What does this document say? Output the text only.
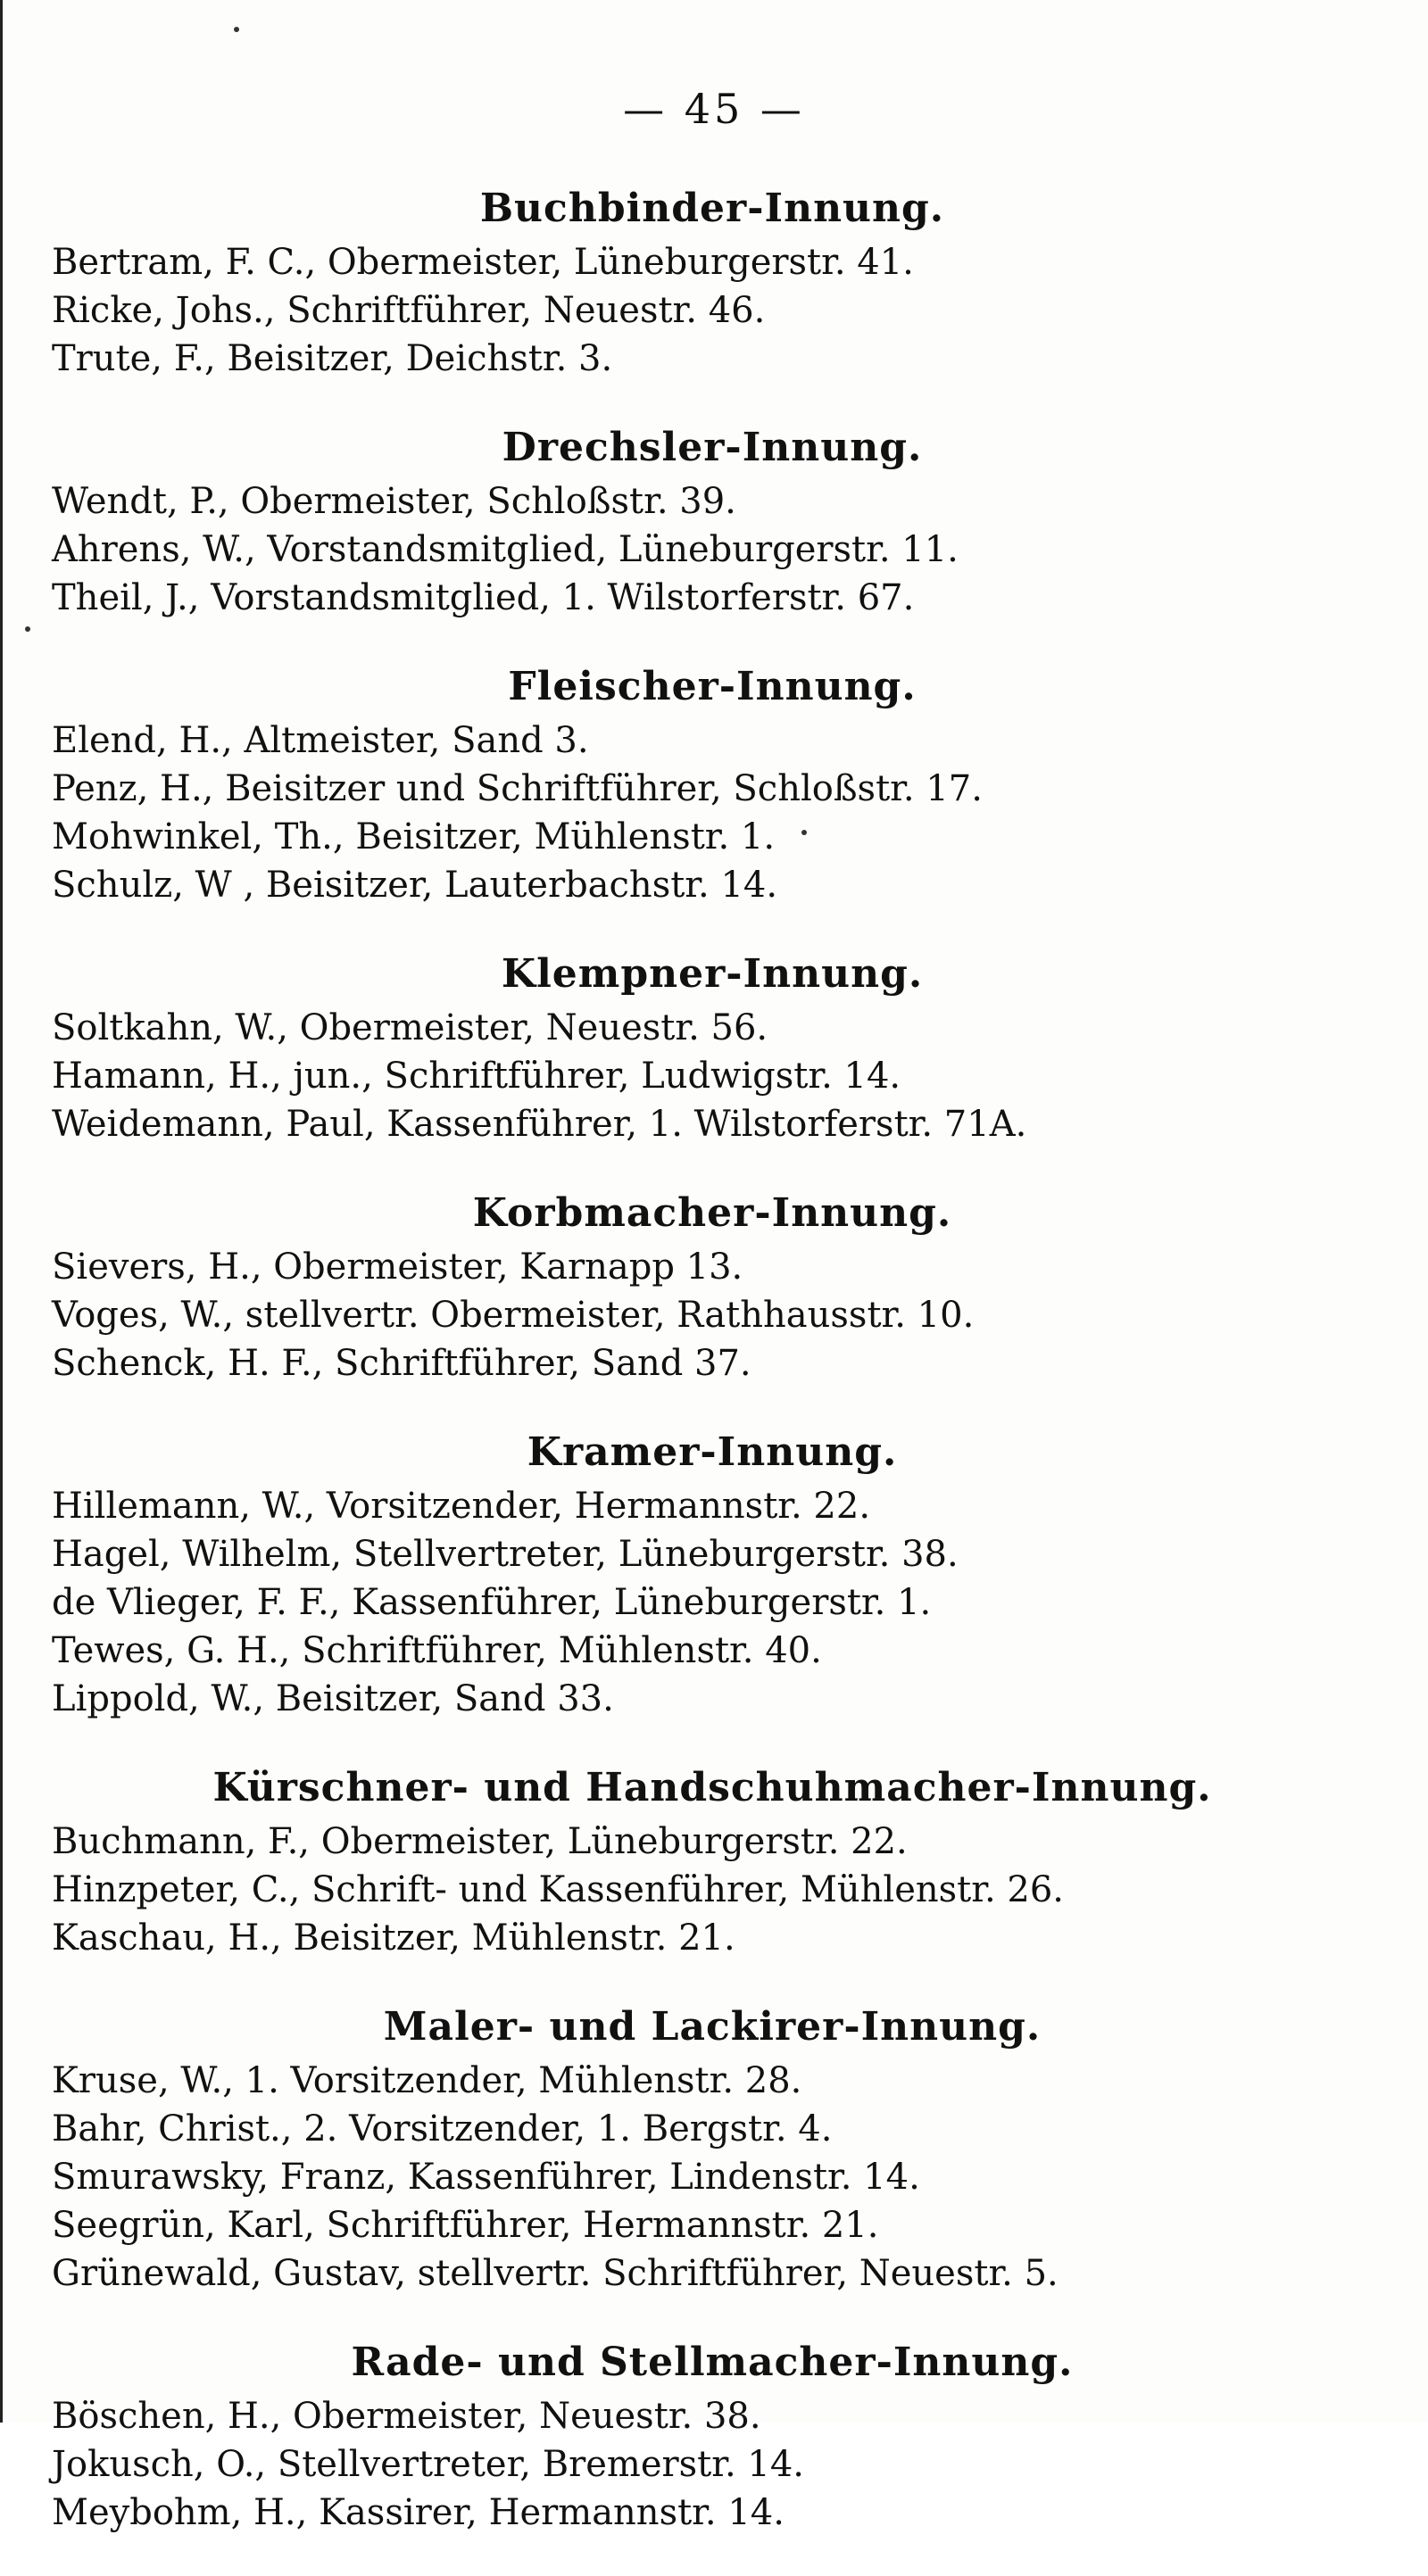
— 45 —
Buchbinder-Innung.
Bertram, F. C., Obermeister, Lüneburgerstr. 41.
Ricke, Johs., Schriftführer, Neuestr. 46.
Trute, F., Beisitzer, Deichstr. 3.
Drechsler-Innung.
Wendt, P., Obermeister, Schloßstr. 39.
Ahrens, W., Vorstandsmitglied, Lüneburgerstr. 11.
Theil, J., Vorstandsmitglied, 1. Wilstorferstr. 67.
Fleischer-Innung.
Elend, H., Altmeister, Sand 3.
Penz, H., Beisitzer und Schriftführer, Schloßstr. 17.
Mohwinkel, Th., Beisitzer, Mühlenstr. 1.
Schulz, W , Beisitzer, Lauterbachstr. 14.
Klempner-Innung.
Soltkahn, W., Obermeister, Neuestr. 56.
Hamann, H., jun., Schriftführer, Ludwigstr. 14.
Weidemann, Paul, Kassenführer, 1. Wilstorferstr. 71A.
Korbmacher-Innung.
Sievers, H., Obermeister, Karnapp 13.
Voges, W., stellvertr. Obermeister, Rathhausstr. 10.
Schenck, H. F., Schriftführer, Sand 37.
Kramer-Innung.
Hillemann, W., Vorsitzender, Hermannstr. 22.
Hagel, Wilhelm, Stellvertreter, Lüneburgerstr. 38.
de Vlieger, F. F., Kassenführer, Lüneburgerstr. 1.
Tewes, G. H., Schriftführer, Mühlenstr. 40.
Lippold, W., Beisitzer, Sand 33.
Kürschner- und Handschuhmacher-Innung.
Buchmann, F., Obermeister, Lüneburgerstr. 22.
Hinzpeter, C., Schrift- und Kassenführer, Mühlenstr. 26.
Kaschau, H., Beisitzer, Mühlenstr. 21.
Maler- und Lackirer-Innung.
Kruse, W., 1. Vorsitzender, Mühlenstr. 28.
Bahr, Christ., 2. Vorsitzender, 1. Bergstr. 4.
Smurawsky, Franz, Kassenführer, Lindenstr. 14.
Seegrün, Karl, Schriftführer, Hermannstr. 21.
Grünewald, Gustav, stellvertr. Schriftführer, Neuestr. 5.
Rade- und Stellmacher-Innung.
Böschen, H., Obermeister, Neuestr. 38.
Jokusch, O., Stellvertreter, Bremerstr. 14.
Meybohm, H., Kassirer, Hermannstr. 14.
